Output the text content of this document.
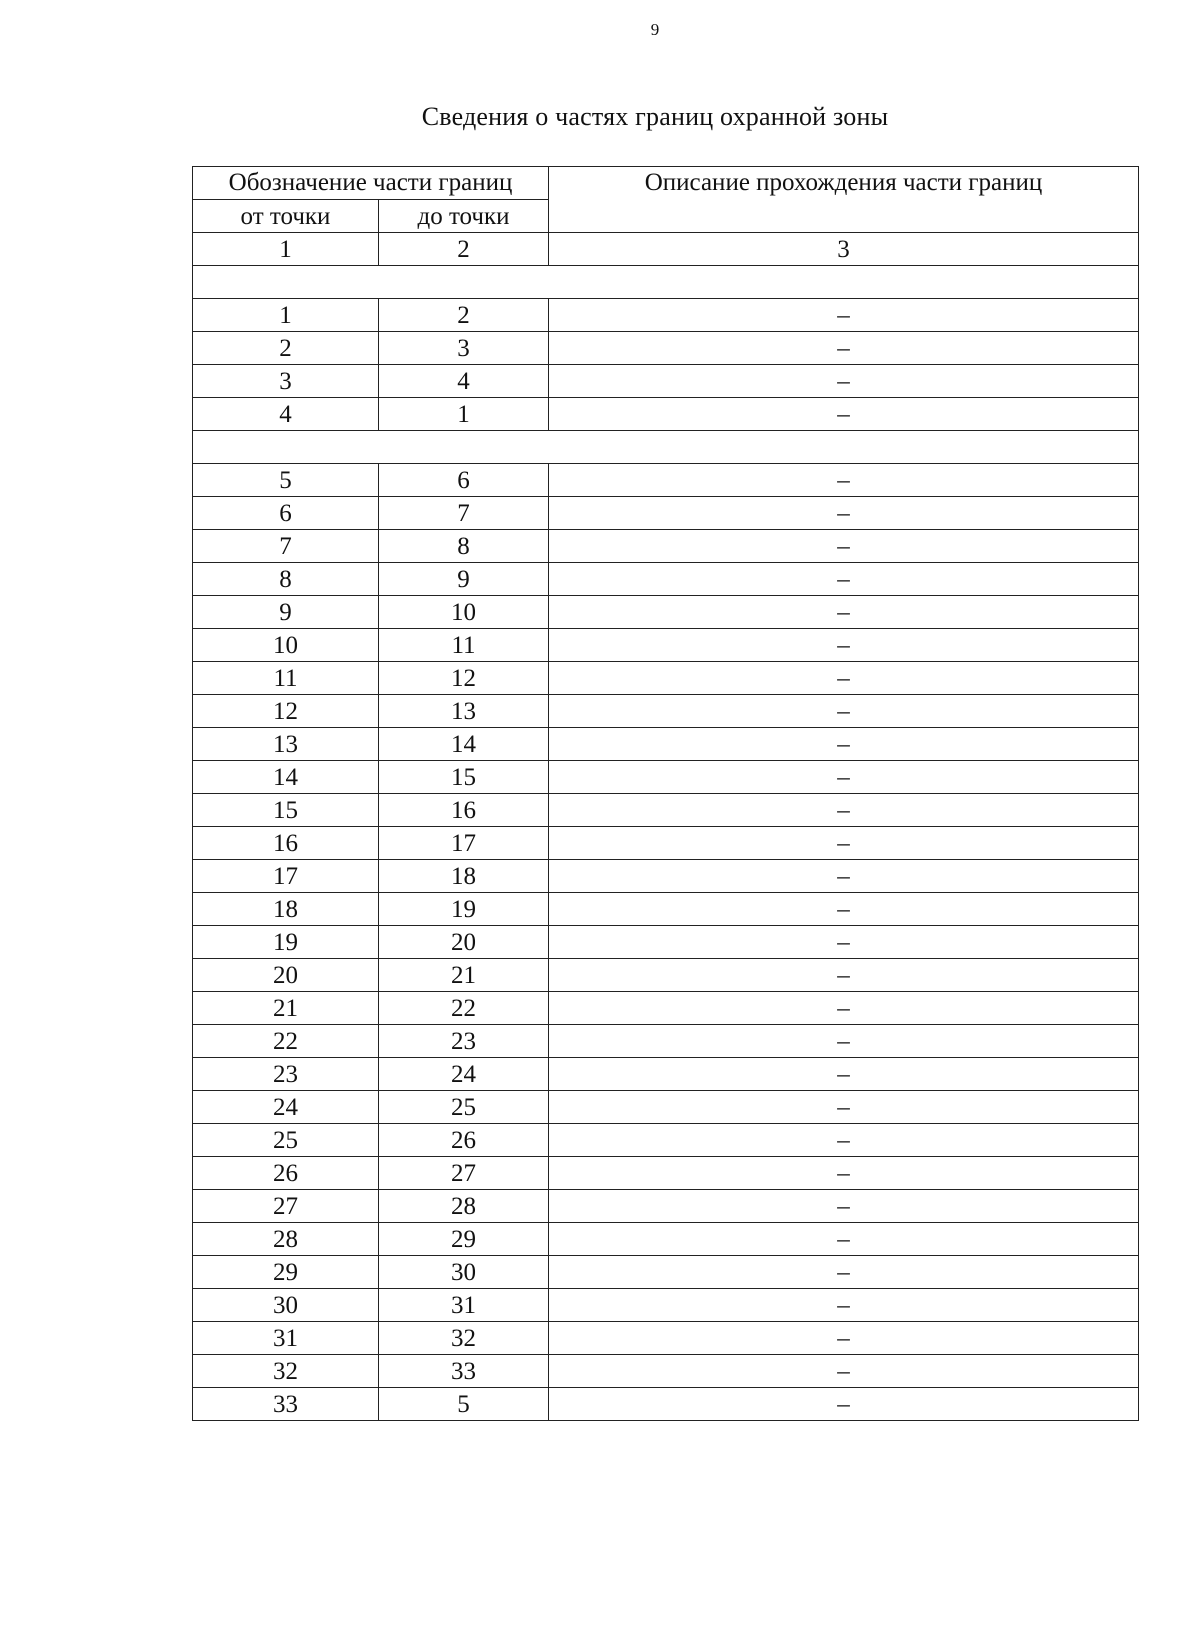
9
Сведения о частях границ охранной зоны
Обозначение части границ		Описание прохождения части границ
от точки	до точки	
1	2	3

1	2	–
2	3	–
3	4	–
4	1	–

5	6	–
6	7	–
7	8	–
8	9	–
9	10	–
10	11	–
11	12	–
12	13	–
13	14	–
14	15	–
15	16	–
16	17	–
17	18	–
18	19	–
19	20	–
20	21	–
21	22	–
22	23	–
23	24	–
24	25	–
25	26	–
26	27	–
27	28	–
28	29	–
29	30	–
30	31	–
31	32	–
32	33	–
33	5	–
